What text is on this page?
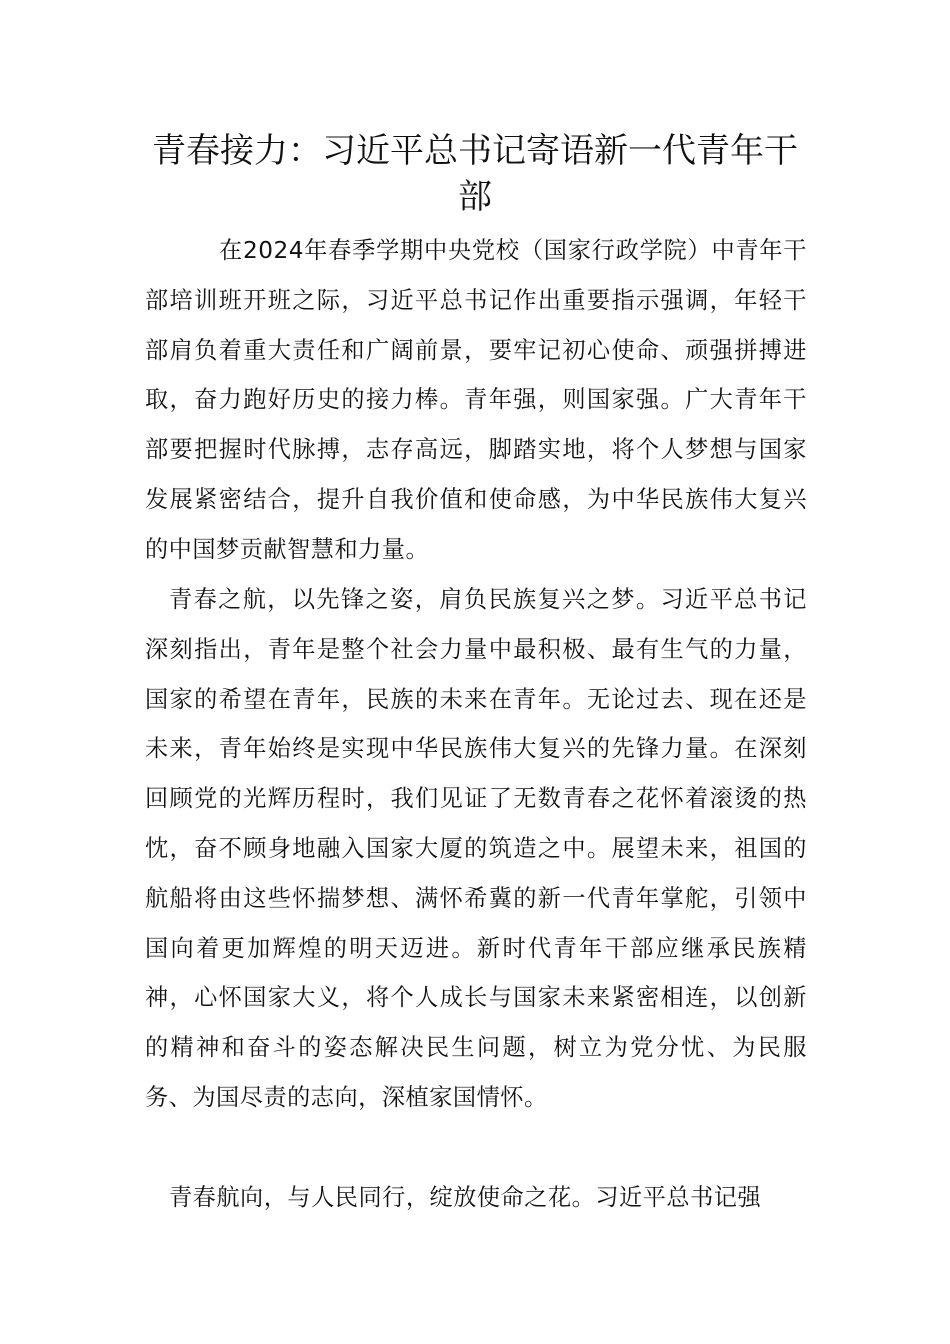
青春接力：习近平总书记寄语新一代青年干部

在2024年春季学期中央党校（国家行政学院）中青年干部培训班开班之际，习近平总书记作出重要指示强调，年轻干部肩负着重大责任和广阔前景，要牢记初心使命、顽强拼搏进取，奋力跑好历史的接力棒。青年强，则国家强。广大青年干部要把握时代脉搏，志存高远，脚踏实地，将个人梦想与国家发展紧密结合，提升自我价值和使命感，为中华民族伟大复兴的中国梦贡献智慧和力量。

青春之航，以先锋之姿，肩负民族复兴之梦。习近平总书记深刻指出，青年是整个社会力量中最积极、最有生气的力量，国家的希望在青年，民族的未来在青年。无论过去、现在还是未来，青年始终是实现中华民族伟大复兴的先锋力量。在深刻回顾党的光辉历程时，我们见证了无数青春之花怀着滚烫的热忱，奋不顾身地融入国家大厦的筑造之中。展望未来，祖国的航船将由这些怀揣梦想、满怀希冀的新一代青年掌舵，引领中国向着更加辉煌的明天迈进。新时代青年干部应继承民族精神，心怀国家大义，将个人成长与国家未来紧密相连，以创新的精神和奋斗的姿态解决民生问题，树立为党分忧、为民服务、为国尽责的志向，深植家国情怀。

青春航向，与人民同行，绽放使命之花。习近平总书记强
